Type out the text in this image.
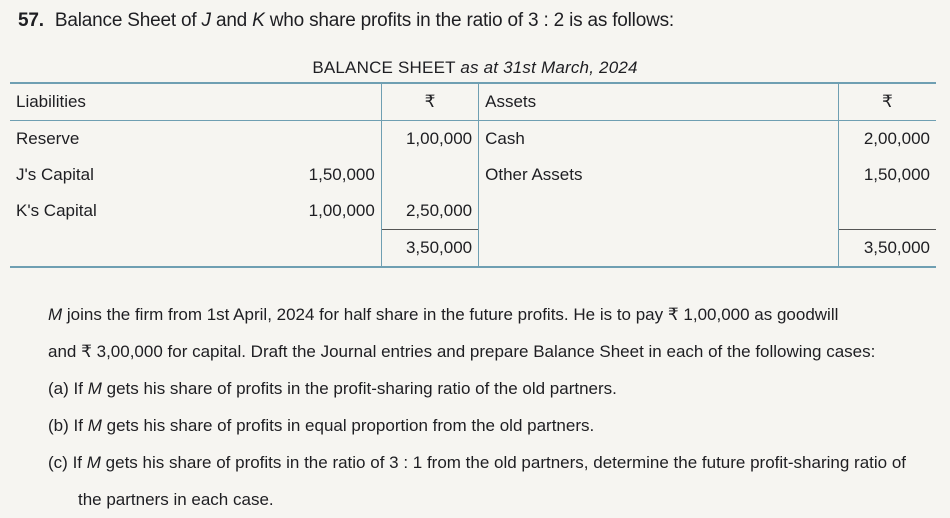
57. Balance Sheet of J and K who share profits in the ratio of 3 : 2 is as follows:
BALANCE SHEET as at 31st March, 2024
Liabilities		₹	Assets	₹
Reserve		1,00,000	Cash	2,00,000
J's Capital	1,50,000		Other Assets	1,50,000
K's Capital	1,00,000	2,50,000		
		3,50,000		3,50,000

M joins the firm from 1st April, 2024 for half share in the future profits. He is to pay ₹ 1,00,000 as goodwill

and ₹ 3,00,000 for capital. Draft the Journal entries and prepare Balance Sheet in each of the following cases:

(a) If M gets his share of profits in the profit-sharing ratio of the old partners.

(b) If M gets his share of profits in equal proportion from the old partners.

(c) If M gets his share of profits in the ratio of 3 : 1 from the old partners, determine the future profit-sharing ratio of the partners in each case.
